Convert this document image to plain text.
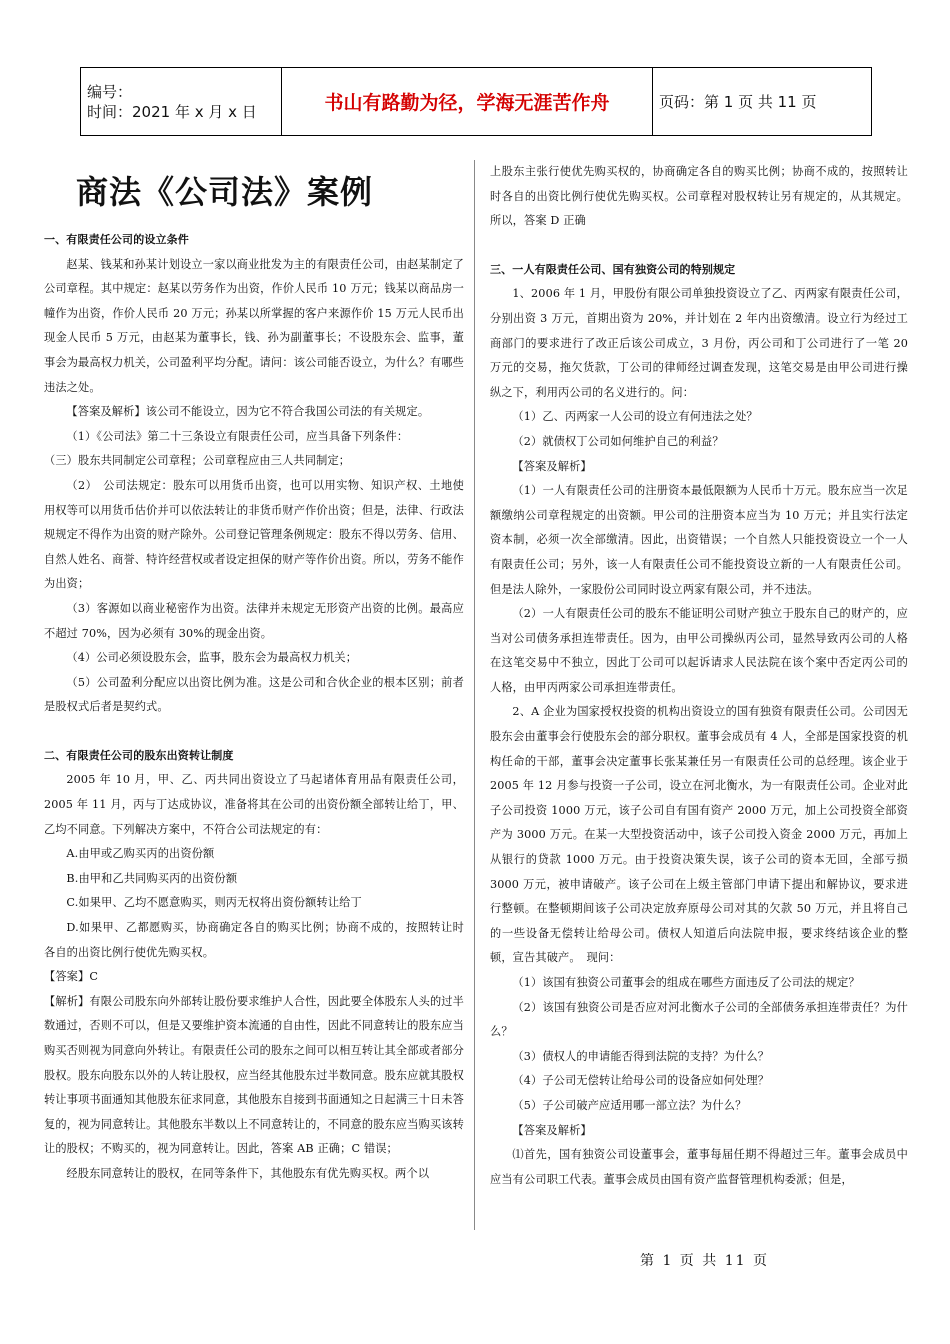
编号：
时间：2021 年 x 月 x 日	书山有路勤为径，学海无涯苦作舟	页码：第 1 页 共 11 页

商法《公司法》案例

一、有限责任公司的设立条件

赵某、钱某和孙某计划设立一家以商业批发为主的有限责任公司，由赵某制定了公司章程。其中规定：赵某以劳务作为出资，作价人民币 10 万元；钱某以商品房一幢作为出资，作价人民币 20 万元；孙某以所掌握的客户来源作价 15 万元人民币出现金人民币 5 万元，由赵某为董事长，钱、孙为副董事长；不设股东会、监事，董事会为最高权力机关，公司盈利平均分配。请问：该公司能否设立，为什么？有哪些违法之处。

【答案及解析】该公司不能设立，因为它不符合我国公司法的有关规定。

（1）《公司法》第二十三条设立有限责任公司，应当具备下列条件：

（三）股东共同制定公司章程；公司章程应由三人共同制定；

（2）　公司法规定：股东可以用货币出资，也可以用实物、知识产权、土地使用权等可以用货币估价并可以依法转让的非货币财产作价出资；但是，法律、行政法规规定不得作为出资的财产除外。公司登记管理条例规定：股东不得以劳务、信用、自然人姓名、商誉、特许经营权或者设定担保的财产等作价出资。所以，劳务不能作为出资；

（3）客源如以商业秘密作为出资。法律并未规定无形资产出资的比例。最高应不超过 70%，因为必须有 30%的现金出资。

（4）公司必须设股东会，监事，股东会为最高权力机关；

（5）公司盈利分配应以出资比例为准。这是公司和合伙企业的根本区别；前者是股权式后者是契约式。

二、有限责任公司的股东出资转让制度

2005 年 10 月，甲、乙、丙共同出资设立了马起诸体育用品有限责任公司，2005 年 11 月，丙与丁达成协议，准备将其在公司的出资份额全部转让给丁，甲、乙均不同意。下列解决方案中，不符合公司法规定的有：

A.由甲或乙购买丙的出资份额

B.由甲和乙共同购买丙的出资份额

C.如果甲、乙均不愿意购买，则丙无权将出资份额转让给丁

D.如果甲、乙都愿购买，协商确定各自的购买比例；协商不成的，按照转让时各自的出资比例行使优先购买权。

【答案】C

【解析】有限公司股东向外部转让股份要求维护人合性，因此要全体股东人头的过半数通过，否则不可以，但是又要维护资本流通的自由性，因此不同意转让的股东应当购买否则视为同意向外转让。有限责任公司的股东之间可以相互转让其全部或者部分股权。股东向股东以外的人转让股权，应当经其他股东过半数同意。股东应就其股权转让事项书面通知其他股东征求同意，其他股东自接到书面通知之日起满三十日未答复的，视为同意转让。其他股东半数以上不同意转让的，不同意的股东应当购买该转让的股权；不购买的，视为同意转让。因此，答案 AB 正确；C 错误；

经股东同意转让的股权，在同等条件下，其他股东有优先购买权。两个以

上股东主张行使优先购买权的，协商确定各自的购买比例；协商不成的，按照转让时各自的出资比例行使优先购买权。公司章程对股权转让另有规定的，从其规定。所以，答案 D 正确

三、一人有限责任公司、国有独资公司的特别规定

1、2006 年 1 月，甲股份有限公司单独投资设立了乙、丙两家有限责任公司，分别出资 3 万元，首期出资为 20%，并计划在 2 年内出资缴清。设立行为经过工商部门的要求进行了改正后该公司成立，3 月份，丙公司和丁公司进行了一笔 20 万元的交易，拖欠货款，丁公司的律师经过调查发现，这笔交易是由甲公司进行操纵之下，利用丙公司的名义进行的。问：

（1）乙、丙两家一人公司的设立有何违法之处？

（2）就债权丁公司如何维护自己的利益？

【答案及解析】

（1）一人有限责任公司的注册资本最低限额为人民币十万元。股东应当一次足额缴纳公司章程规定的出资额。甲公司的注册资本应当为 10 万元；并且实行法定资本制，必须一次全部缴清。因此，出资错误；一个自然人只能投资设立一个一人有限责任公司；另外，该一人有限责任公司不能投资设立新的一人有限责任公司。但是法人除外，一家股份公司同时设立两家有限公司，并不违法。

（2）一人有限责任公司的股东不能证明公司财产独立于股东自己的财产的，应当对公司债务承担连带责任。因为，由甲公司操纵丙公司，显然导致丙公司的人格在这笔交易中不独立，因此丁公司可以起诉请求人民法院在该个案中否定丙公司的人格，由甲丙两家公司承担连带责任。

2、A 企业为国家授权投资的机构出资设立的国有独资有限责任公司。公司因无股东会由董事会行使股东会的部分职权。董事会成员有 4 人，全部是国家投资的机构任命的干部，董事会决定董事长张某兼任另一有限责任公司的总经理。该企业于 2005 年 12 月参与投资一子公司，设立在河北衡水，为一有限责任公司。企业对此子公司投资 1000 万元，该子公司自有国有资产 2000 万元，加上公司投资全部资产为 3000 万元。在某一大型投资活动中，该子公司投入资金 2000 万元，再加上从银行的贷款 1000 万元。由于投资决策失误，该子公司的资本无回，全部亏损 3000 万元，被申请破产。该子公司在上级主管部门申请下提出和解协议，要求进行整顿。在整顿期间该子公司决定放弃原母公司对其的欠款 50 万元，并且将自己的一些设备无偿转让给母公司。债权人知道后向法院申报，要求终结该企业的整顿，宣告其破产。　现问：

（1）该国有独资公司董事会的组成在哪些方面违反了公司法的规定？

（2）该国有独资公司是否应对河北衡水子公司的全部债务承担连带责任？为什么？

（3）债权人的申请能否得到法院的支持？为什么？

（4）子公司无偿转让给母公司的设备应如何处理？

（5）子公司破产应适用哪一部立法？为什么？

【答案及解析】

⑴首先，国有独资公司设董事会，董事每届任期不得超过三年。董事会成员中应当有公司职工代表。董事会成员由国有资产监督管理机构委派；但是，

第 1 页 共 11 页
